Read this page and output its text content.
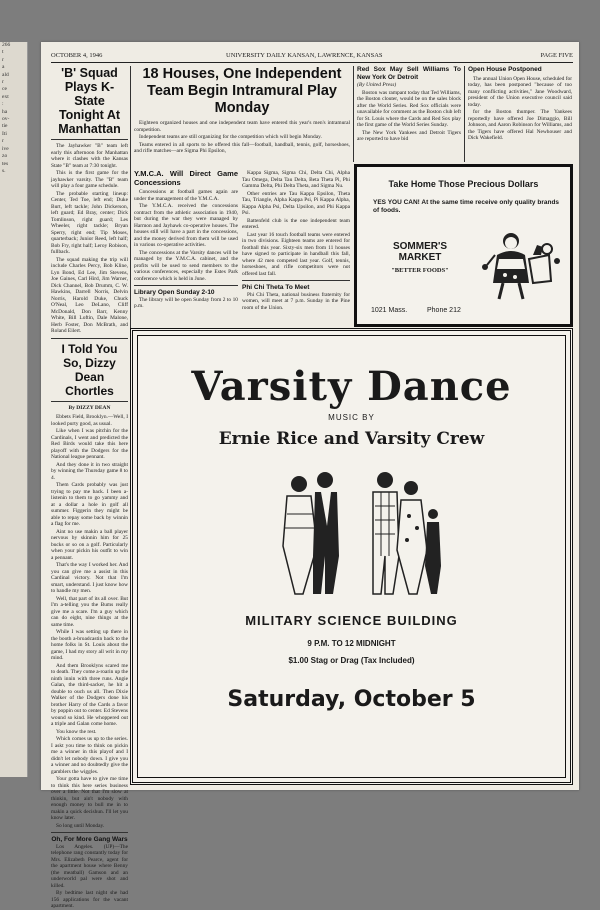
266

t

r

a

ald

r

ce

ext

:

ha

ov-

tie

Iti

r

ive

zo

tes

s.

OCTOBER 4, 1946	UNIVERSITY DAILY KANSAN, LAWRENCE, KANSAS	PAGE FIVE
'B' Squad Plays K-State Tonight At Manhattan

The Jayhawker "B" team left early this afternoon for Manhattan where it clashes with the Kansas State "B" team at 7:30 tonight.

This is the first game for the jayhawker varsity. The "B" team will play a four game schedule.

The probable starting lineup: Center, Ted Toe, left end; Duke Burt, left tackle; John Dickerson, left guard; Ed Bray, center; Dick Tomlinson, right guard; Les Wheeler, right tackle; Bryan Sperry, right end; Tip Moses, quarterback; Junior Reed, left half; Bob Fry, right half; Leroy Robison, fullback.

The squad making the trip will include Charles Percy, Bob Kline, Lyn Bond, Ed Lee, Jim Stevens, Joe Gaines, Carl Hird, Jim Warner, Dick Channel, Bob Drumm, C. W. Hawkins, Darrell Norris, Delvin Norris, Harold Duke, Chuck O'Neal, Leo DeLano, Cliff McDonald, Don Barr, Kenny White, Bill Loftin, Dale Malone, Herb Foster, Don McBrath, and Roland Eilert.

I Told You So, Dizzy Dean Chortles
By DIZZY DEAN

Ebbets Field, Brooklyn.—Well, I looked purty good, as usual.

Like when I was pitchin for the Cardinals, I went and predicted the Red Birds would take this here playoff with the Dodgers for the National league pennant.

And they done it in two straight by winning the Thursday game 8 to 4.

Them Cards probably was just trying to pay me back. I been a-listenin to them to go yammy and at a dollar a hole in golf all summer. Figgerin they might be able to repay some back by winnin a flag for me.

Aint no use makin a ball player nervous by skinnin him for 25 bucks or so on a golf. Particularly when your pickin his outfit to win a pennant.

That's the way I worked her. And you can give me a assist in this Cardinal victory. Not that I'm smart, understand. I just know how to handle my men.

Well, that part of its all over. But I'm a-telling you the Bums really give me a scare. I'm a guy which can do eight, nine things at the same time.

While I was setting up there in the booth a-broadcastin back to the home folks in St. Louis about the game, I had my story all writ in my mind.

And them Brooklyns scared me to death. They come a-roarin up the ninth innin with three runs. Angie Galan, the third-sacker, he hit a double to ouch us all. Then Dixie Walker of the Dodgers done his brother Harry of the Cards a favor by poppin out to center. Ed Stevens wound so kind. He whoppered out a triple and Galan come home.

You know the rest.

Which comes us up to the series. I askt you time to think on pickin me a winner in this playof and I didn't let nobody down. I give you a winner and no doubtedly give the gamblers the wiggles.

Your gotta have to give me time to think this here series business over a little. Not that I'm slow at thinkin, but ain't nobody with enough money to bull me in to makin a quick decishun. I'll let you know later.

So long until Monday.

Oh, For More Gang Wars

Los Angeles. (UP)—The telephone rang constantly today for Mrs. Elizabeth Pearce, agent for the apartment house where Benny (the meatball) Gamson and an underworld pal were shot and killed.

By bedtime last night she had 156 applications for the vacant apartment.

18 Houses, One Independent Team Begin Intramural Play Monday

Eighteen organized houses and one independent team have entered this year's men's intramural competition.

Independent teams are still organizing for the competition which will begin Monday.

Teams entered in all sports to be offered this fall—football, handball, tennis, golf, horseshoes, and rifle matches—are Sigma Phi Epsilon,

Y.M.C.A. Will Direct Game Concessions

Concessions at football games again are under the management of the Y.M.C.A.

The Y.M.C.A. received the concessions contract from the athletic association in 1940, but during the war they were managed by Harmon and Jayhawk co-operative houses. The houses still will have a part in the concessions, and the money derived from them will be used in various co-operative activities.

The concessions at the Varsity dances will be managed by the Y.M.C.A. cabinet, and the profits will be used to send members to the various conferences, especially the Estes Park conference which is held in June.

Library Open Sunday 2-10

The library will be open Sunday from 2 to 10 p.m.

Kappa Sigma, Sigma Chi, Delta Chi, Alpha Tau Omega, Delta Tau Delta, Beta Theta Pi, Phi Gamma Delta, Phi Delta Theta, and Sigma Nu.

Other entries are Tau Kappa Epsilon, Theta Tau, Triangle, Alpha Kappa Psi, Pi Kappa Alpha, Kappa Alpha Psi, Delta Upsilon, and Phi Kappa Psi.

Battenfeld club is the one independent team entered.

Last year 16 touch football teams were entered in two divisions. Eighteen teams are entered for football this year. Sixty-six men from 11 houses have signed to participate in handball this fall, where 42 men competed last year. Golf, tennis, horseshoes, and rifle competitors were not offered last fall.

Phi Chi Theta To Meet

Phi Chi Theta, national business fraternity for women, will meet at 7 p.m. Sunday in the Pine room of the Union.

Red Sox May Sell Williams To New York Or Detroit
(By United Press)

Boston was rampant today that Ted Williams, the Boston clouter, would be on the sales block after the World Series. Red Sox officials were unavailable for comment as the Boston club left for St. Louis where the Cards and Red Sox play the first game of the World Series Sunday.

The New York Yankees and Detroit Tigers are reported to have bid

Open House Postponed

The annual Union Open House, scheduled for today, has been postponed "because of too many conflicting activities," Jane Woodward, president of the Union executive council said today.

for the Boston thumper. The Yankees reportedly have offered Joe Dimaggio, Bill Johnson, and Aaron Robinson for Williams, and the Tigers have offered Hal Newhouser and Dick Wakefield.

Take Home Those Precious Dollars
YES YOU CAN! At the same time receive only quality brands of foods.
SOMMER'S MARKET
"BETTER FOODS"
1021 Mass.	Phone 212
Varsity Dance
MUSIC BY
Ernie Rice and Varsity Crew
MILITARY SCIENCE BUILDING
9 P.M. TO 12 MIDNIGHT
$1.00 Stag or Drag (Tax Included)
Saturday, October 5
